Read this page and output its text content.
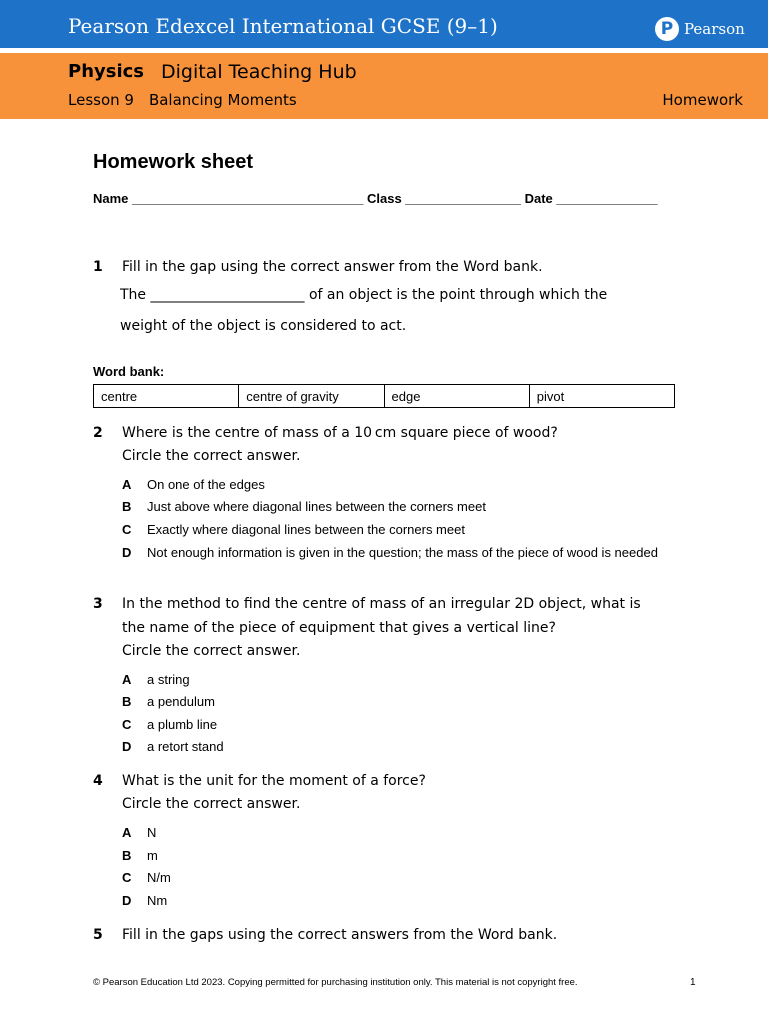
Pearson Edexcel International GCSE (9–1)	P Pearson
Physics Digital Teaching Hub
Lesson 9 Balancing Moments	Homework
Homework sheet
Name ________________________________ Class ________________ Date ______________
1 Fill in the gap using the correct answer from the Word bank.
The ______________________ of an object is the point through which the
weight of the object is considered to act.
Word bank:
centre	centre of gravity	edge	pivot
2 Where is the centre of mass of a 10 cm square piece of wood?
Circle the correct answer.
A On one of the edges
B Just above where diagonal lines between the corners meet
C Exactly where diagonal lines between the corners meet
D Not enough information is given in the question; the mass of the piece of wood is needed
3 In the method to find the centre of mass of an irregular 2D object, what is
the name of the piece of equipment that gives a vertical line?
Circle the correct answer.
A a string
B a pendulum
C a plumb line
D a retort stand
4 What is the unit for the moment of a force?
Circle the correct answer.
A N
B m
C N/m
D Nm
5 Fill in the gaps using the correct answers from the Word bank.
© Pearson Education Ltd 2023. Copying permitted for purchasing institution only. This material is not copyright free.	1
